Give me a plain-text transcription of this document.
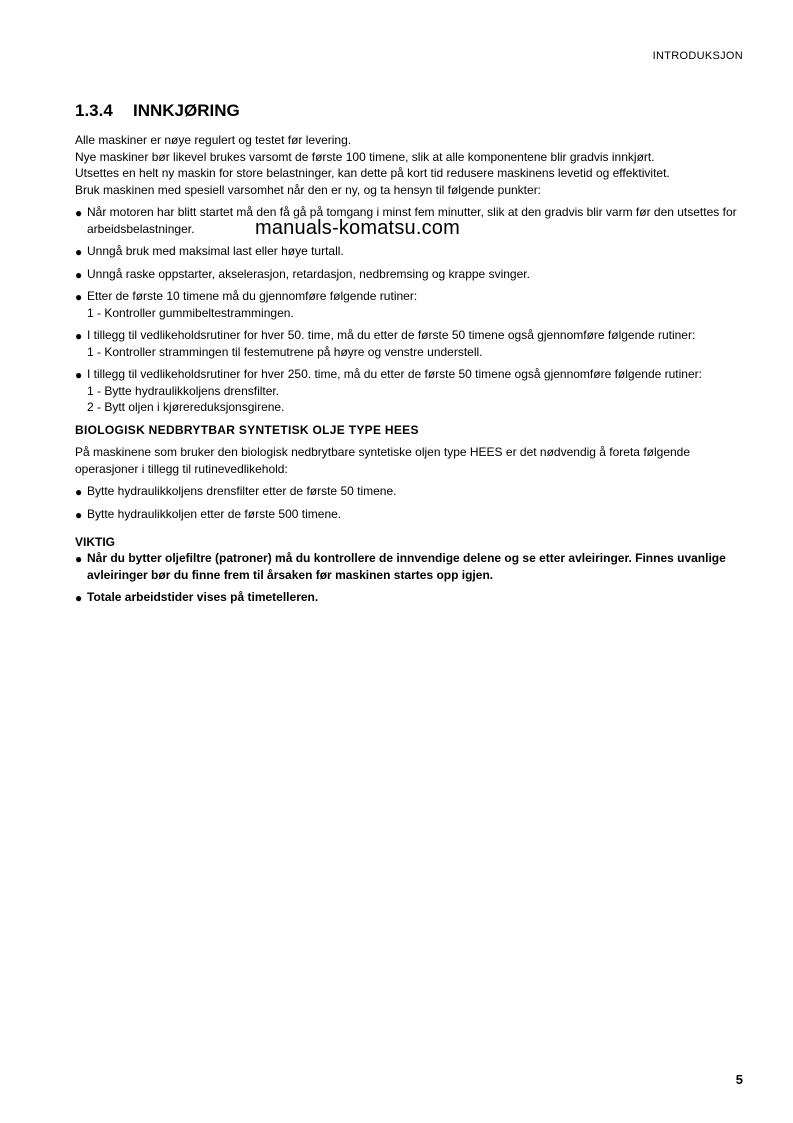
INTRODUKSJON
1.3.4 INNKJØRING
Alle maskiner er nøye regulert og testet før levering.
Nye maskiner bør likevel brukes varsomt de første 100 timene, slik at alle komponentene blir gradvis innkjørt.
Utsettes en helt ny maskin for store belastninger, kan dette på kort tid redusere maskinens levetid og effektivitet.
Bruk maskinen med spesiell varsomhet når den er ny, og ta hensyn til følgende punkter:
● Når motoren har blitt startet må den få gå på tomgang i minst fem minutter, slik at den gradvis blir varm før den utsettes for arbeidsbelastninger.
● Unngå bruk med maksimal last eller høye turtall.
● Unngå raske oppstarter, akselerasjon, retardasjon, nedbremsing og krappe svinger.
● Etter de første 10 timene må du gjennomføre følgende rutiner:
1 - Kontroller gummibeltestrammingen.
● I tillegg til vedlikeholdsrutiner for hver 50. time, må du etter de første 50 timene også gjennomføre følgende rutiner:
1 - Kontroller strammingen til festemutrene på høyre og venstre understell.
● I tillegg til vedlikeholdsrutiner for hver 250. time, må du etter de første 50 timene også gjennomføre følgende rutiner:
1 - Bytte hydraulikkoljens drensfilter.
2 - Bytt oljen i kjørereduksjonsgirene.
BIOLOGISK NEDBRYTBAR SYNTETISK OLJE TYPE HEES
På maskinene som bruker den biologisk nedbrytbare syntetiske oljen type HEES er det nødvendig å foreta følgende operasjoner i tillegg til rutinevedlikehold:
● Bytte hydraulikkoljens drensfilter etter de første 50 timene.
● Bytte hydraulikkoljen etter de første 500 timene.
VIKTIG
● Når du bytter oljefiltre (patroner) må du kontrollere de innvendige delene og se etter avleiringer. Finnes uvanlige avleiringer bør du finne frem til årsaken før maskinen startes opp igjen.
● Totale arbeidstider vises på timetelleren.
manuals-komatsu.com
5
